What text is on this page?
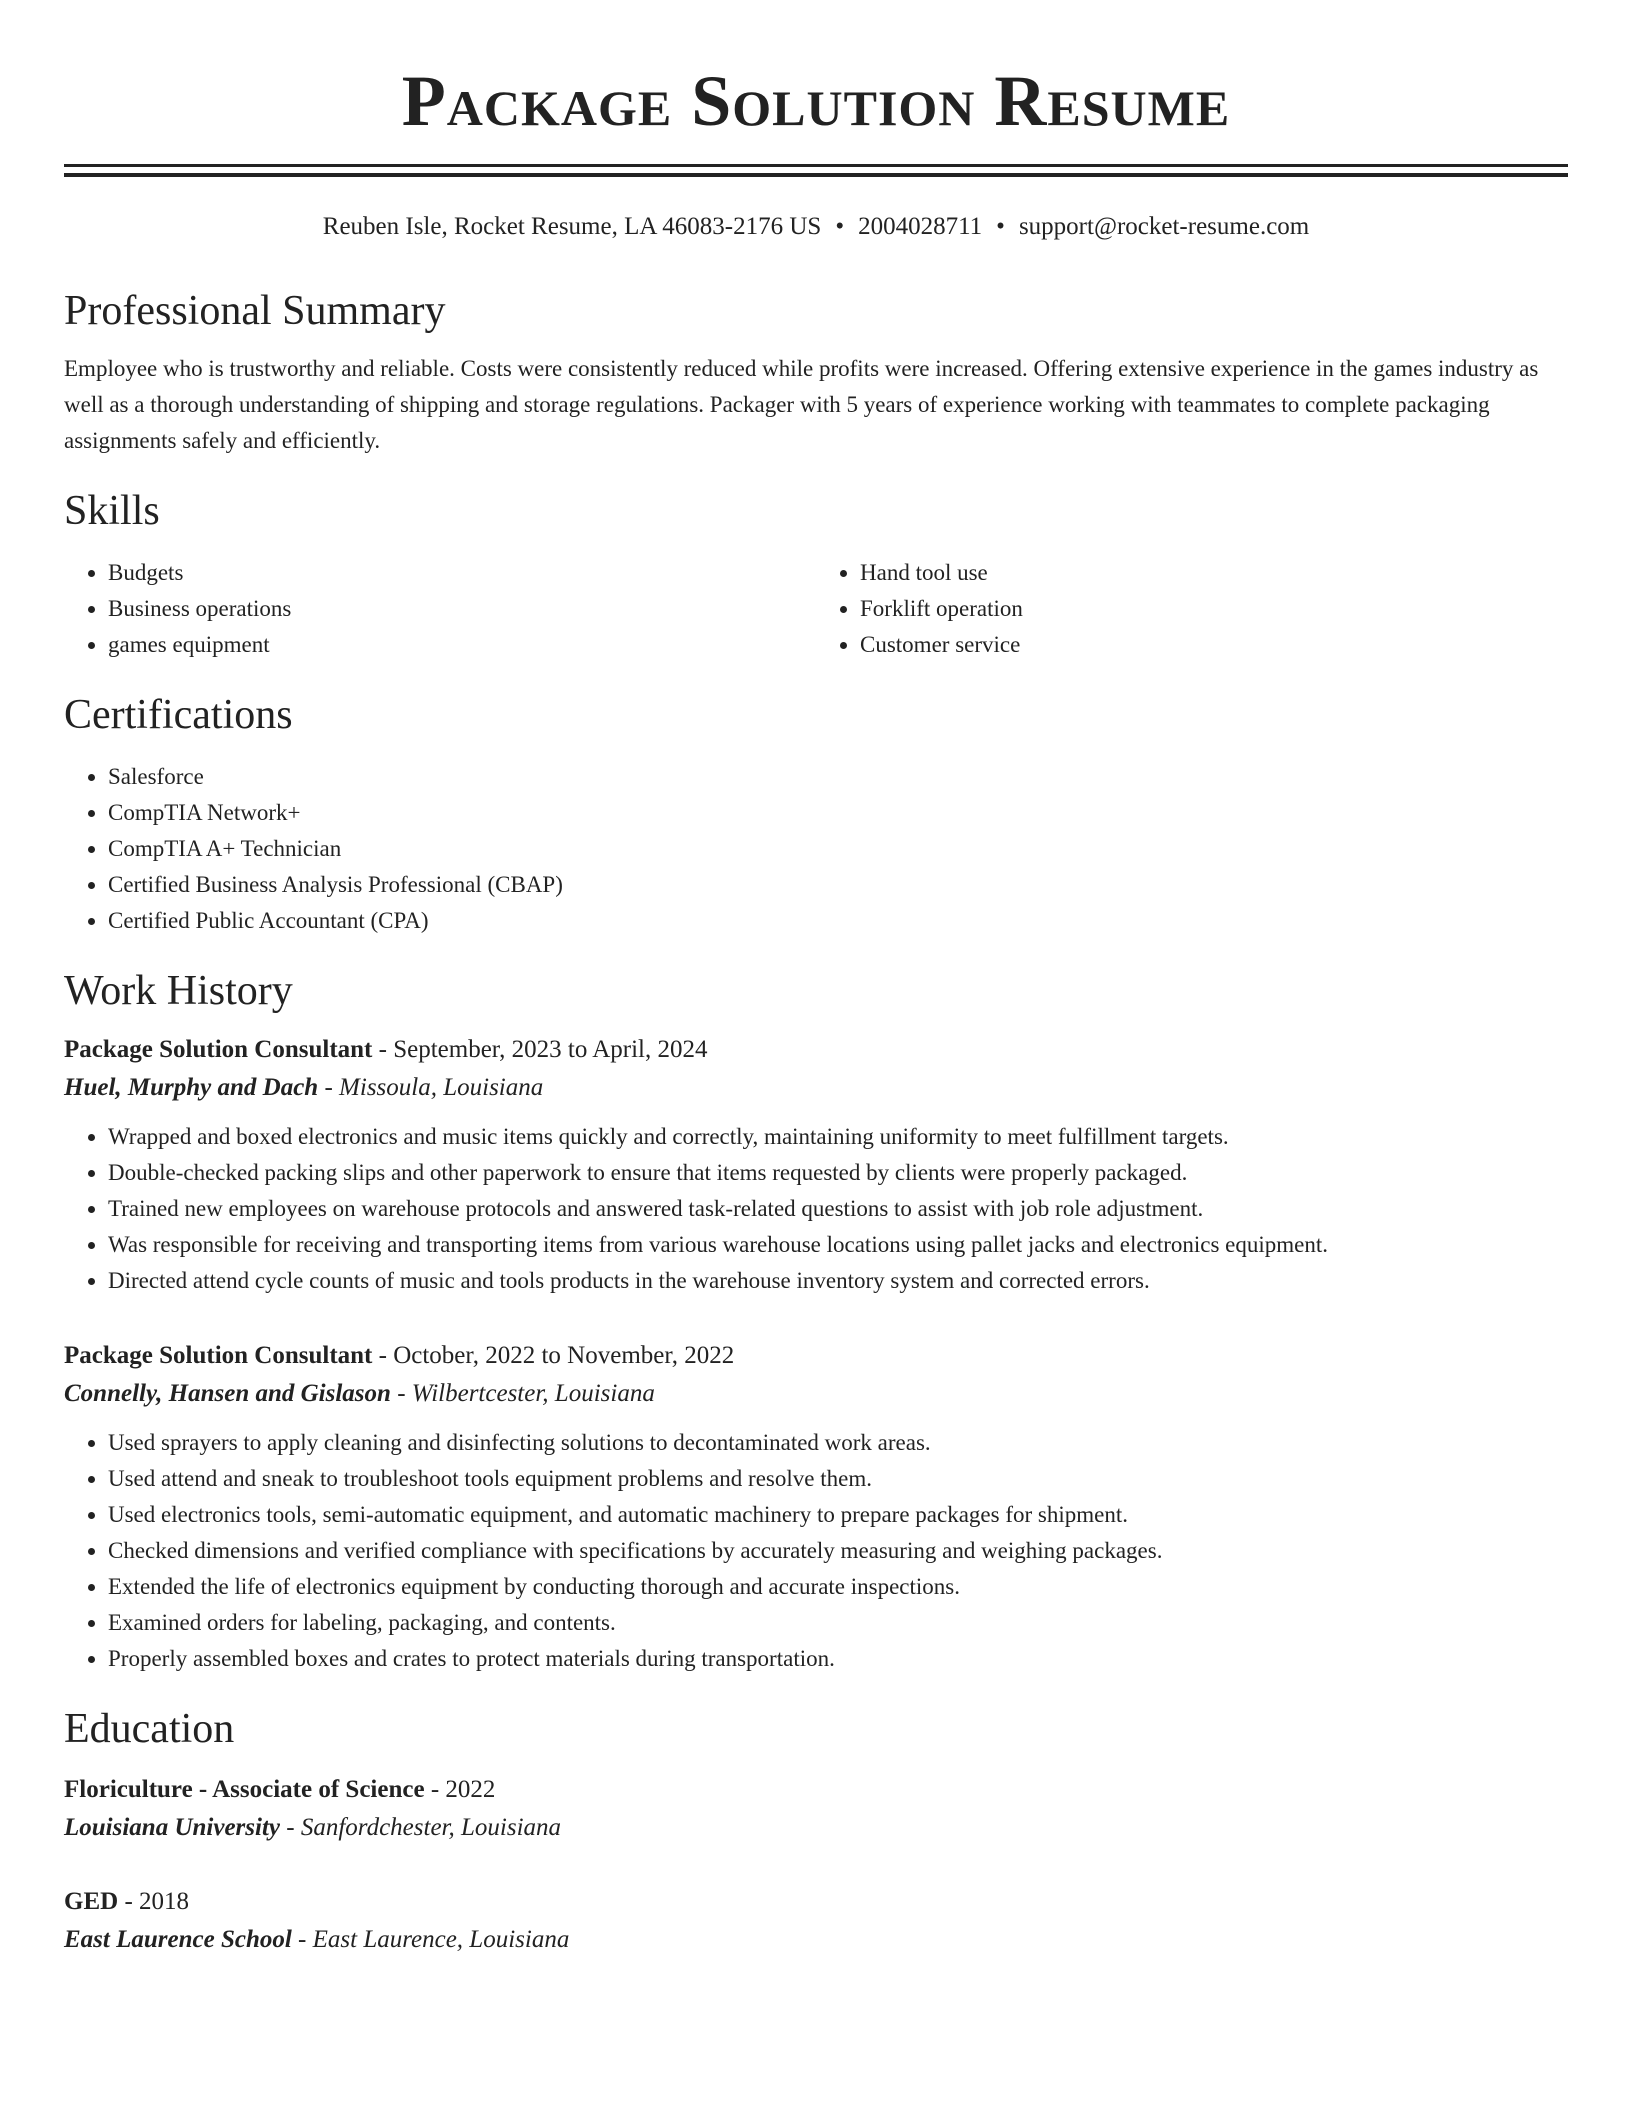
Package Solution Resume
Reuben Isle, Rocket Resume, LA 46083-2176 US • 2004028711 • support@rocket-resume.com
Professional Summary

Employee who is trustworthy and reliable. Costs were consistently reduced while profits were increased. Offering extensive experience in the games industry as well as a thorough understanding of shipping and storage regulations. Packager with 5 years of experience working with teammates to complete packaging assignments safely and efficiently.

Skills
• Budgets
• Business operations
• games equipment
• Hand tool use
• Forklift operation
• Customer service
Certifications
• Salesforce
• CompTIA Network+
• CompTIA A+ Technician
• Certified Business Analysis Professional (CBAP)
• Certified Public Accountant (CPA)
Work History
Package Solution Consultant - September, 2023 to April, 2024
Huel, Murphy and Dach - Missoula, Louisiana
• Wrapped and boxed electronics and music items quickly and correctly, maintaining uniformity to meet fulfillment targets.
• Double-checked packing slips and other paperwork to ensure that items requested by clients were properly packaged.
• Trained new employees on warehouse protocols and answered task-related questions to assist with job role adjustment.
• Was responsible for receiving and transporting items from various warehouse locations using pallet jacks and electronics equipment.
• Directed attend cycle counts of music and tools products in the warehouse inventory system and corrected errors.
Package Solution Consultant - October, 2022 to November, 2022
Connelly, Hansen and Gislason - Wilbertcester, Louisiana
• Used sprayers to apply cleaning and disinfecting solutions to decontaminated work areas.
• Used attend and sneak to troubleshoot tools equipment problems and resolve them.
• Used electronics tools, semi-automatic equipment, and automatic machinery to prepare packages for shipment.
• Checked dimensions and verified compliance with specifications by accurately measuring and weighing packages.
• Extended the life of electronics equipment by conducting thorough and accurate inspections.
• Examined orders for labeling, packaging, and contents.
• Properly assembled boxes and crates to protect materials during transportation.
Education
Floriculture - Associate of Science - 2022
Louisiana University - Sanfordchester, Louisiana
GED - 2018
East Laurence School - East Laurence, Louisiana
